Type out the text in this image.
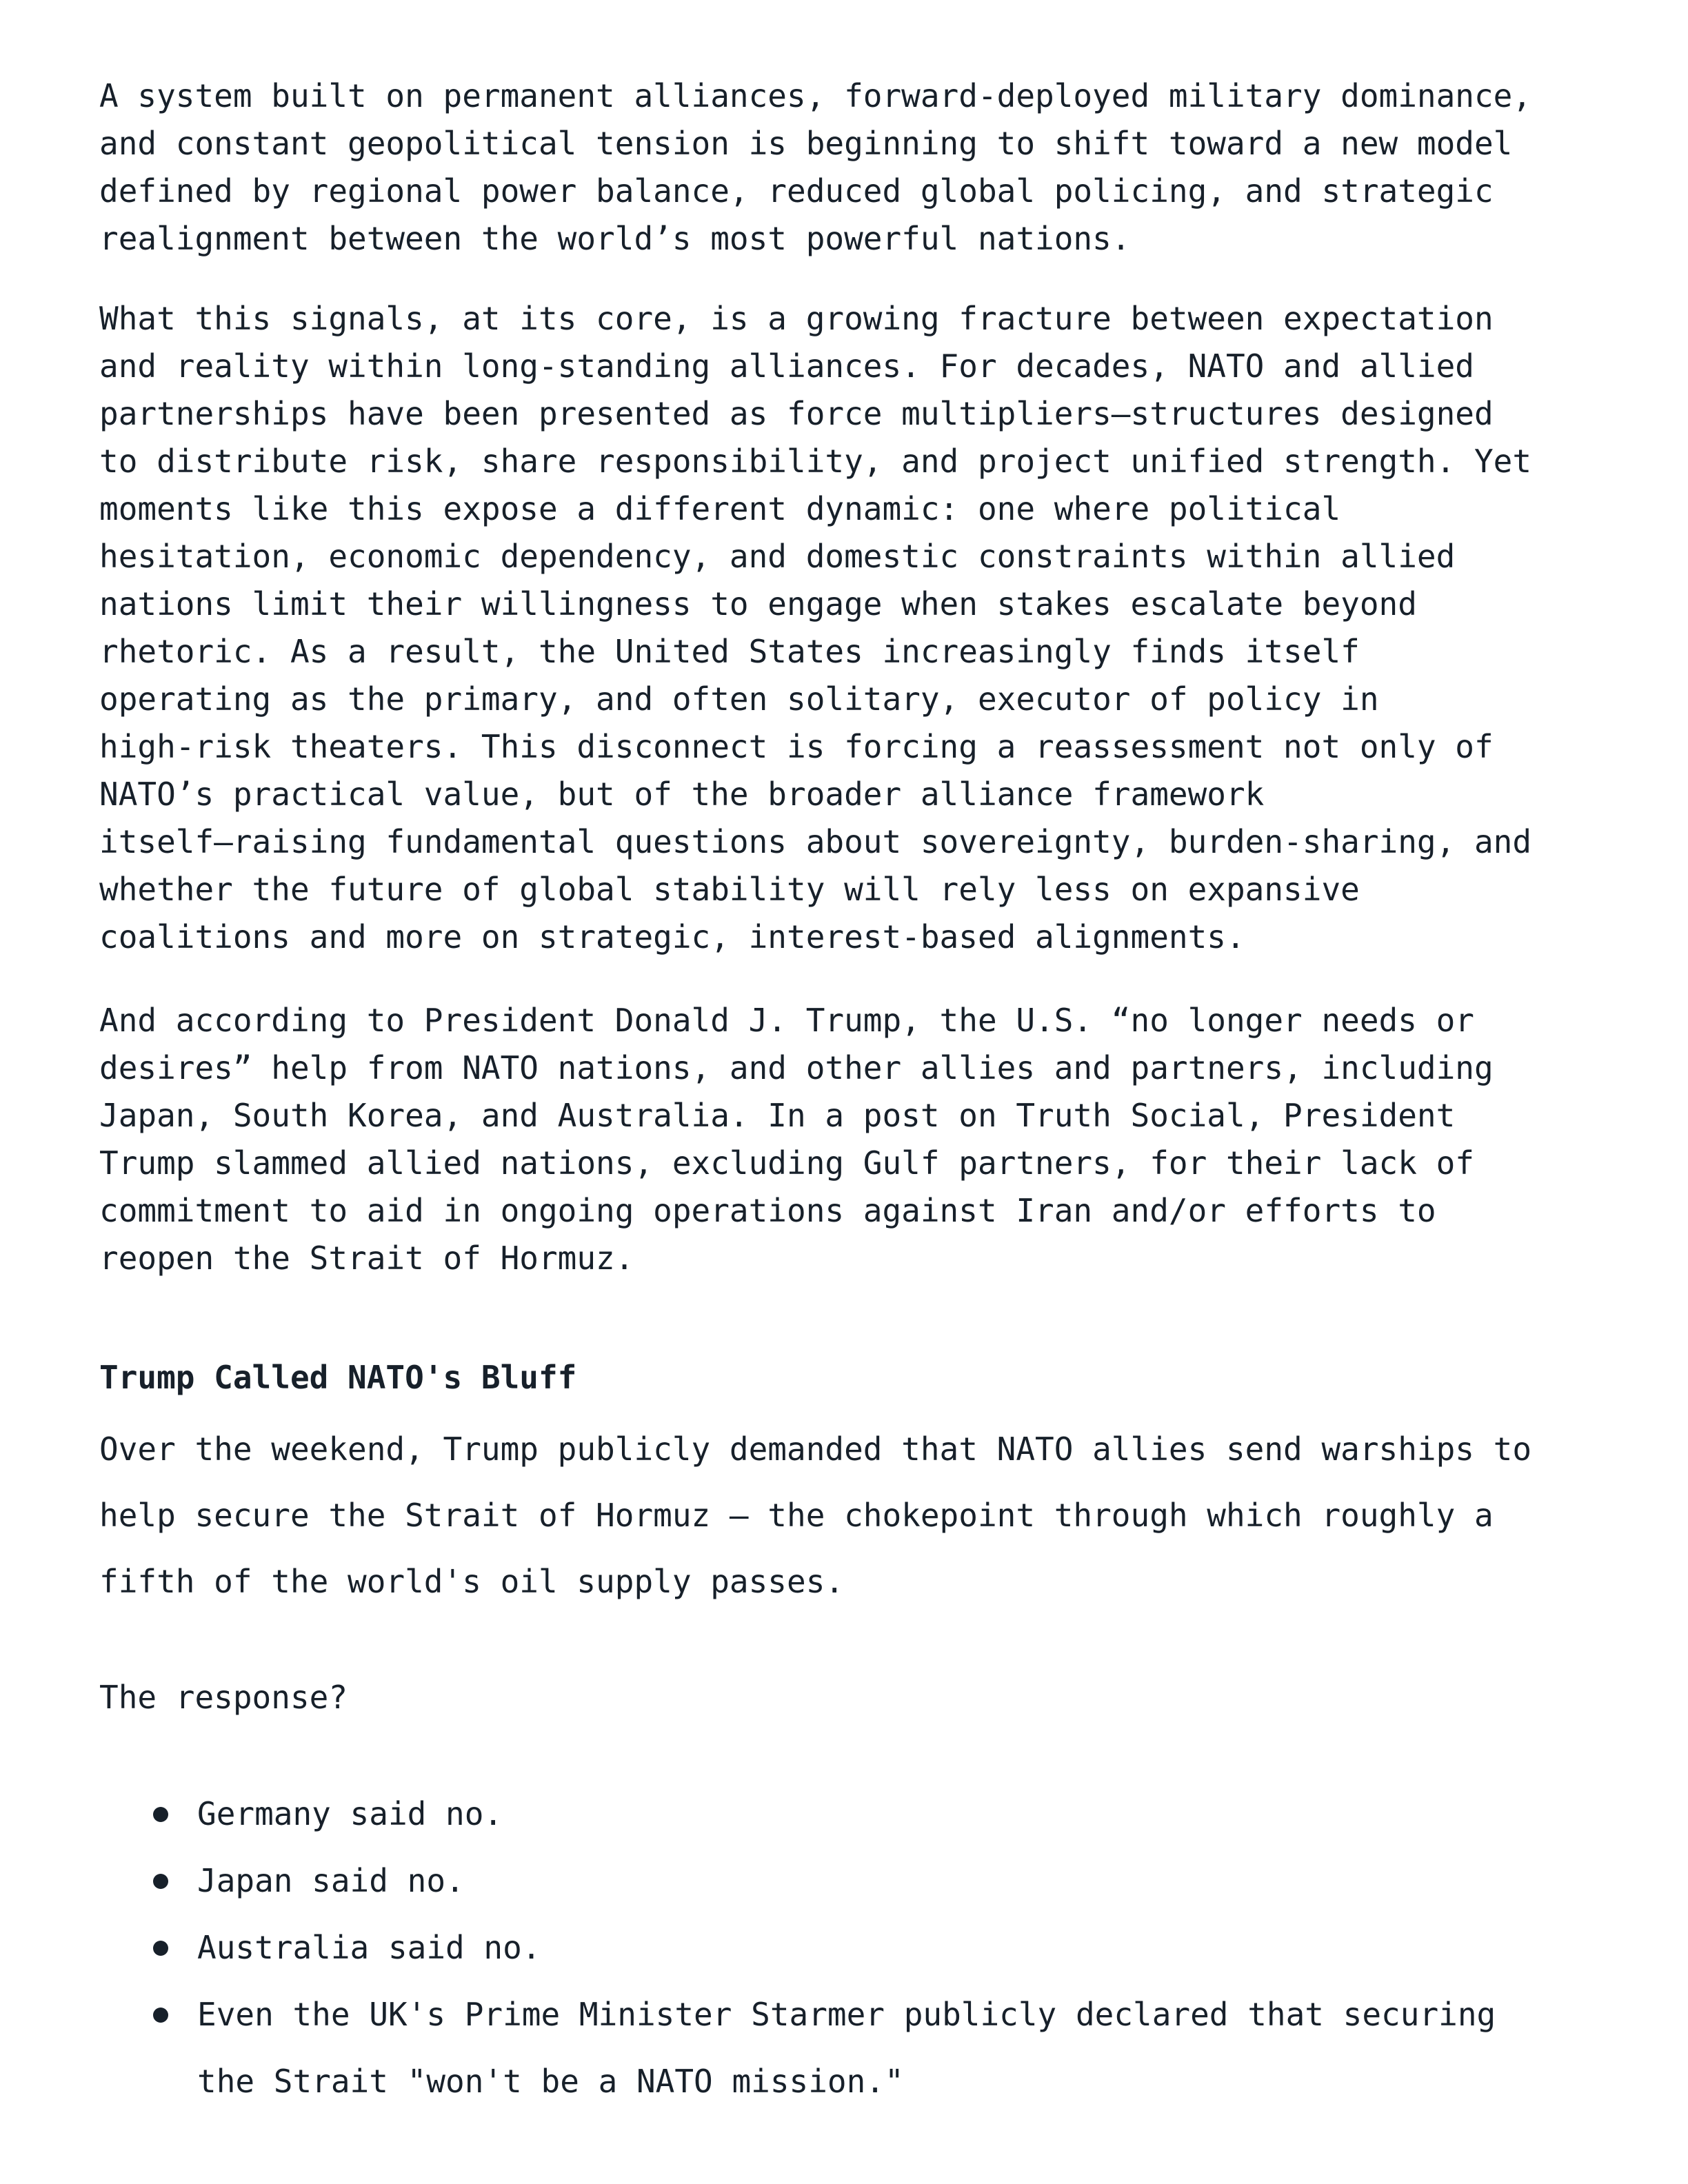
A system built on permanent alliances, forward-deployed military dominance,
and constant geopolitical tension is beginning to shift toward a new model
defined by regional power balance, reduced global policing, and strategic
realignment between the world’s most powerful nations.
What this signals, at its core, is a growing fracture between expectation
and reality within long-standing alliances. For decades, NATO and allied
partnerships have been presented as force multipliers—structures designed
to distribute risk, share responsibility, and project unified strength. Yet
moments like this expose a different dynamic: one where political
hesitation, economic dependency, and domestic constraints within allied
nations limit their willingness to engage when stakes escalate beyond
rhetoric. As a result, the United States increasingly finds itself
operating as the primary, and often solitary, executor of policy in
high-risk theaters. This disconnect is forcing a reassessment not only of
NATO’s practical value, but of the broader alliance framework
itself—raising fundamental questions about sovereignty, burden-sharing, and
whether the future of global stability will rely less on expansive
coalitions and more on strategic, interest-based alignments.
And according to President Donald J. Trump, the U.S. “no longer needs or
desires” help from NATO nations, and other allies and partners, including
Japan, South Korea, and Australia. In a post on Truth Social, President
Trump slammed allied nations, excluding Gulf partners, for their lack of
commitment to aid in ongoing operations against Iran and/or efforts to
reopen the Strait of Hormuz.
Trump Called NATO's Bluff
Over the weekend, Trump publicly demanded that NATO allies send warships to
help secure the Strait of Hormuz — the chokepoint through which roughly a
fifth of the world's oil supply passes.
The response?
Germany said no.
Japan said no.
Australia said no.
Even the UK's Prime Minister Starmer publicly declared that securing
the Strait "won't be a NATO mission."
